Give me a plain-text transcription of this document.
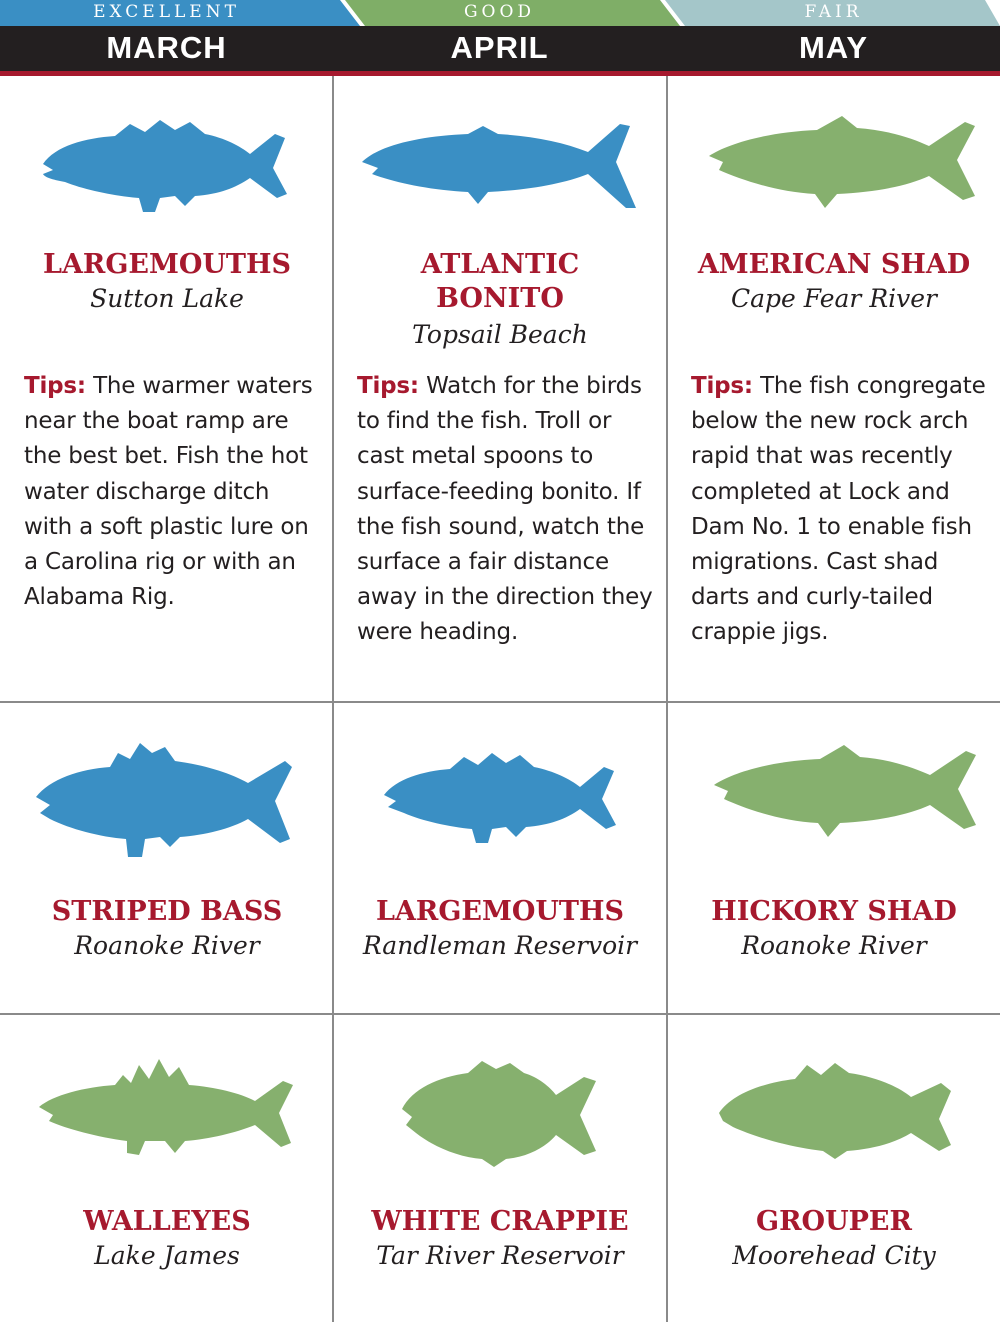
EXCELLENT	GOOD	FAIR
MARCH	APRIL	MAY
LARGEMOUTHS
Sutton Lake
Tips: The warmer waters near the boat ramp are the best bet. Fish the hot water discharge ditch with a soft plastic lure on a Carolina rig or with an Alabama Rig.
ATLANTIC
BONITO
Topsail Beach
Tips: Watch for the birds to find the fish. Troll or cast metal spoons to surface-feeding bonito. If the fish sound, watch the surface a fair distance away in the direction they were heading.
AMERICAN SHAD
Cape Fear River
Tips: The fish congregate below the new rock arch rapid that was recently completed at Lock and Dam No. 1 to enable fish migrations. Cast shad darts and curly-tailed crappie jigs.
STRIPED BASS
Roanoke River
LARGEMOUTHS
Randleman Reservoir
HICKORY SHAD
Roanoke River
WALLEYES
Lake James
WHITE CRAPPIE
Tar River Reservoir
GROUPER
Moorehead City
